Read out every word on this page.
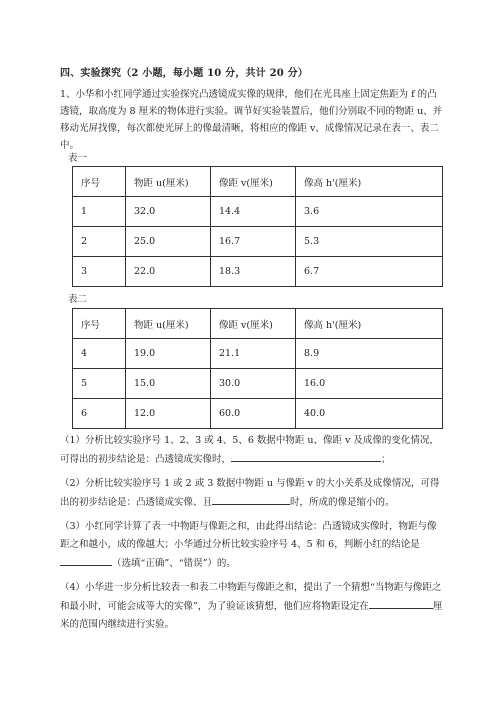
四、实验探究（2 小题，每小题 10 分，共计 20 分）
1、小华和小红同学通过实验探究凸透镜成实像的规律，他们在光具座上固定焦距为 f 的凸透镜，取高度为 8 厘米的物体进行实验。调节好实验装置后，他们分别取不同的物距 u、并移动光屏找像，每次都使光屏上的像最清晰，将相应的像距 v、成像情况记录在表一、表二中。
表一
序号	物距 u(厘米)	像距 v(厘米)	像高 h'(厘米)
1	32.0	14.4	3.6
2	25.0	16.7	5.3
3	22.0	18.3	6.7
表二
序号	物距 u(厘米)	像距 v(厘米)	像高 h'(厘米)
4	19.0	21.1	8.9
5	15.0	30.0	16.0
6	12.0	60.0	40.0
（1）分析比较实验序号 1、2、3 或 4、5、6 数据中物距 u、像距 v 及成像的变化情况，可得出的初步结论是：凸透镜成实像时，	；
（2）分析比较实验序号 1 或 2 或 3 数据中物距 u 与像距 v 的大小关系及成像情况，可得出的初步结论是：凸透镜成实像、且	时，所成的像是缩小的。
（3）小红同学计算了表一中物距与像距之和，由此得出结论：凸透镜成实像时，物距与像距之和越小，成的像越大；小华通过分析比较实验序号 4、5 和 6，判断小红的结论是（选填“正确”、“错误”）的。
（4）小华进一步分析比较表一和表二中物距与像距之和，提出了一个猜想“当物距与像距之和最小时，可能会成等大的实像”，为了验证该猜想，他们应将物距设定在	厘米的范围内继续进行实验。
